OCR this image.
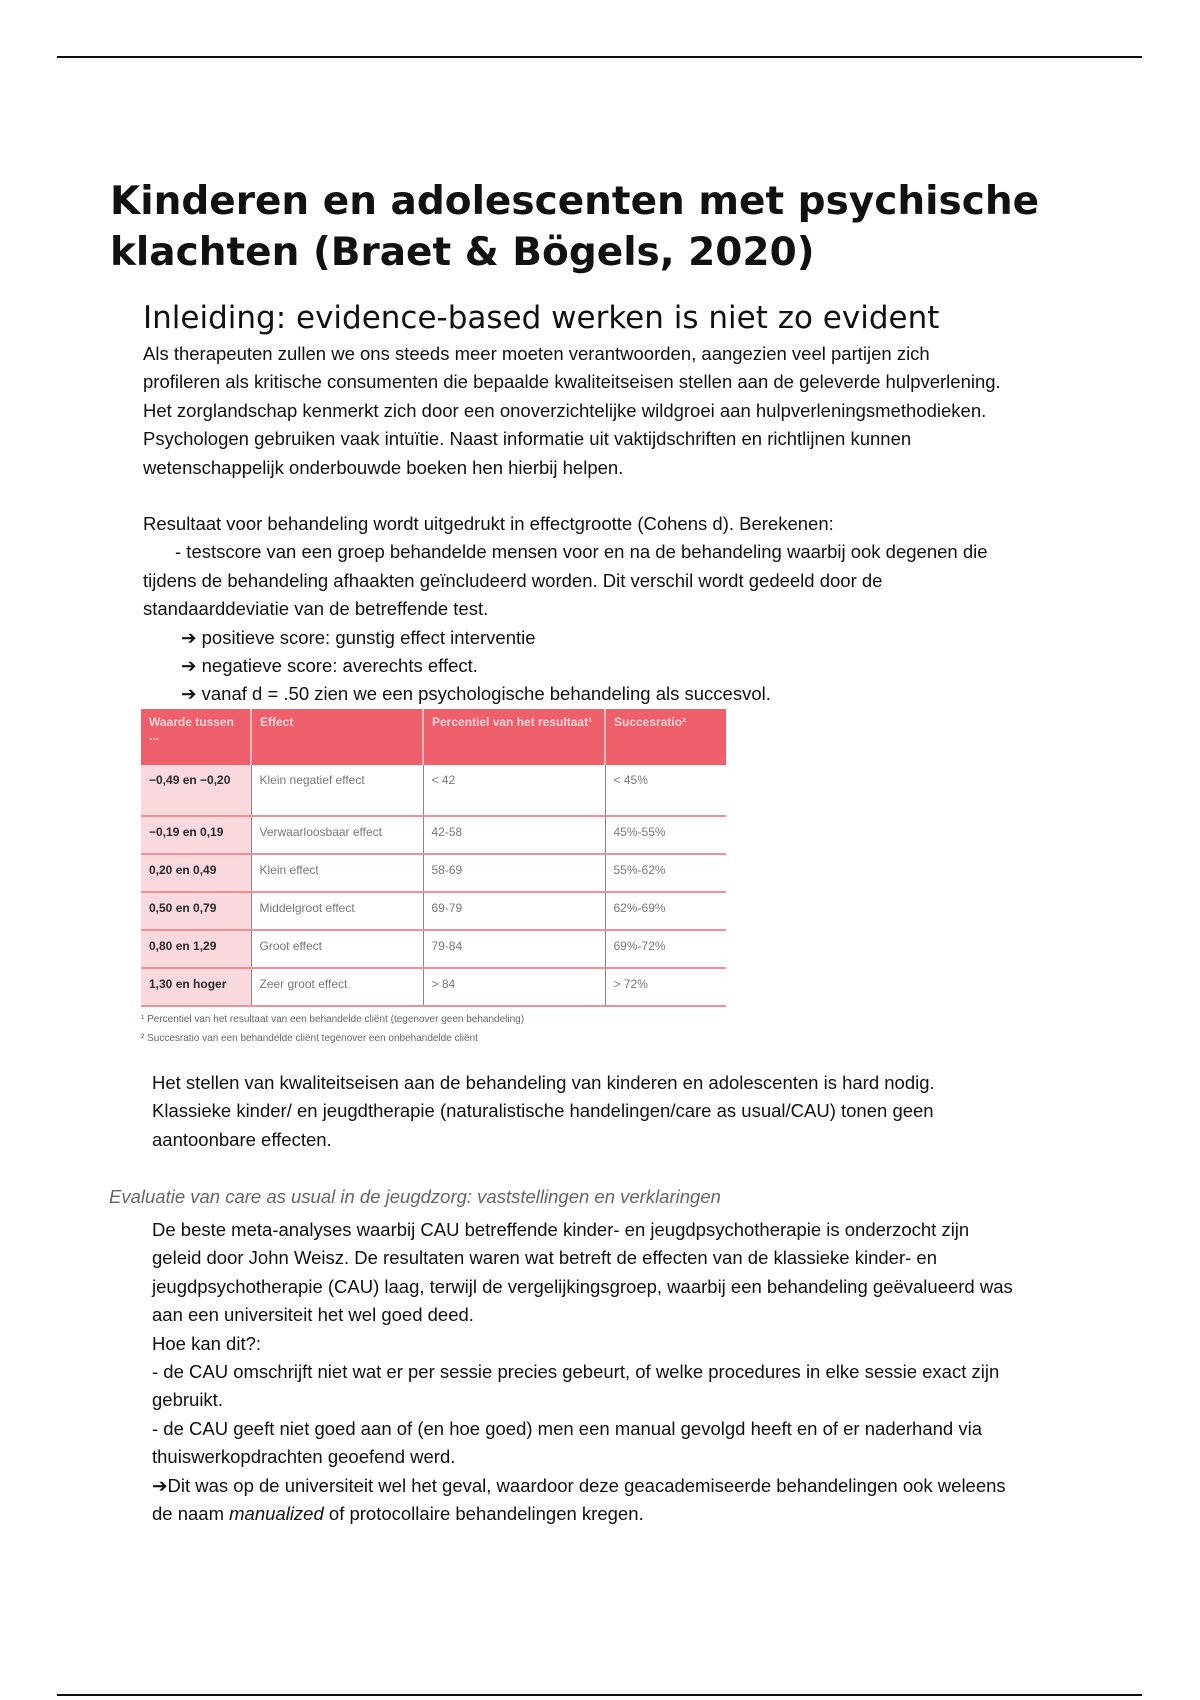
Kinderen en adolescenten met psychische klachten (Braet & Bögels, 2020)
Inleiding: evidence-based werken is niet zo evident
Als therapeuten zullen we ons steeds meer moeten verantwoorden, aangezien veel partijen zich
profileren als kritische consumenten die bepaalde kwaliteitseisen stellen aan de geleverde hulpverlening.
Het zorglandschap kenmerkt zich door een onoverzichtelijke wildgroei aan hulpverleningsmethodieken.
Psychologen gebruiken vaak intuïtie. Naast informatie uit vaktijdschriften en richtlijnen kunnen
wetenschappelijk onderbouwde boeken hen hierbij helpen.
Resultaat voor behandeling wordt uitgedrukt in effectgrootte (Cohens d). Berekenen:
- testscore van een groep behandelde mensen voor en na de behandeling waarbij ook degenen die
tijdens de behandeling afhaakten geïncludeerd worden. Dit verschil wordt gedeeld door de
standaarddeviatie van de betreffende test.
➔ positieve score: gunstig effect interventie
➔ negatieve score: averechts effect.
➔ vanaf d = .50 zien we een psychologische behandeling als succesvol.
Waarde tussen ...	Effect	Percentiel van het resultaat¹	Succesratio²
−0,49 en −0,20	Klein negatief effect	< 42	< 45%
−0,19 en 0,19	Verwaarloosbaar effect	42-58	45%-55%
0,20 en 0,49	Klein effect	58-69	55%-62%
0,50 en 0,79	Middelgroot effect	69-79	62%-69%
0,80 en 1,29	Groot effect	79-84	69%-72%
1,30 en hoger	Zeer groot effect	> 84	> 72%
¹ Percentiel van het resultaat van een behandelde cliënt (tegenover geen behandeling)
² Succesratio van een behandelde cliënt tegenover een onbehandelde cliënt
Het stellen van kwaliteitseisen aan de behandeling van kinderen en adolescenten is hard nodig.
Klassieke kinder/ en jeugdtherapie (naturalistische handelingen/care as usual/CAU) tonen geen
aantoonbare effecten.
Evaluatie van care as usual in de jeugdzorg: vaststellingen en verklaringen
De beste meta-analyses waarbij CAU betreffende kinder- en jeugdpsychotherapie is onderzocht zijn
geleid door John Weisz. De resultaten waren wat betreft de effecten van de klassieke kinder- en
jeugdpsychotherapie (CAU) laag, terwijl de vergelijkingsgroep, waarbij een behandeling geëvalueerd was
aan een universiteit het wel goed deed.
Hoe kan dit?:
- de CAU omschrijft niet wat er per sessie precies gebeurt, of welke procedures in elke sessie exact zijn
gebruikt.
- de CAU geeft niet goed aan of (en hoe goed) men een manual gevolgd heeft en of er naderhand via
thuiswerkopdrachten geoefend werd.
➔Dit was op de universiteit wel het geval, waardoor deze geacademiseerde behandelingen ook weleens
de naam manualized of protocollaire behandelingen kregen.
